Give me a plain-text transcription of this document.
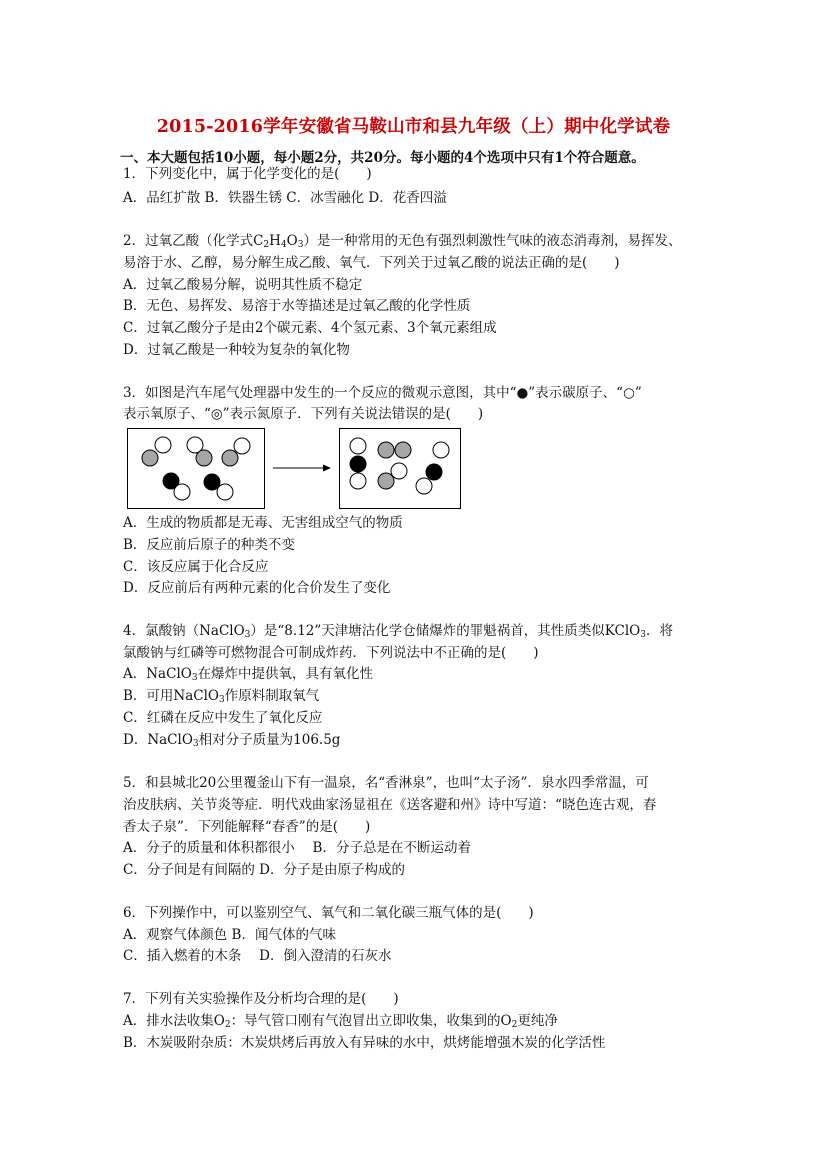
2015-2016学年安徽省马鞍山市和县九年级（上）期中化学试卷
一、本大题包括10小题，每小题2分，共20分。每小题的4个选项中只有1个符合题意。
1．下列变化中，属于化学变化的是(　　)
A．品红扩散 B．铁器生锈 C．冰雪融化 D．花香四溢
2．过氧乙酸（化学式$C_2H_4O_3$）是一种常用的无色有强烈刺激性气味的液态消毒剂，易挥发、
易溶于水、乙醇，易分解生成乙酸、氧气．下列关于过氧乙酸的说法正确的是(　　)
A．过氧乙酸易分解，说明其性质不稳定
B．无色、易挥发、易溶于水等描述是过氧乙酸的化学性质
C．过氧乙酸分子是由2个碳元素、4个氢元素、3个氧元素组成
D．过氧乙酸是一种较为复杂的氧化物
3．如图是汽车尾气处理器中发生的一个反应的微观示意图，其中“●”表示碳原子、“○”
表示氧原子、“◎”表示氮原子．下列有关说法错误的是(　　)
A．生成的物质都是无毒、无害组成空气的物质
B．反应前后原子的种类不变
C．该反应属于化合反应
D．反应前后有两种元素的化合价发生了变化
4．氯酸钠（NaClO$_3$）是“8.12”天津塘沽化学仓储爆炸的罪魁祸首，其性质类似KClO$_3$．将
氯酸钠与红磷等可燃物混合可制成炸药．下列说法中不正确的是(　　)
A．NaClO$_3$在爆炸中提供氧，具有氧化性
B．可用NaClO$_3$作原料制取氧气
C．红磷在反应中发生了氧化反应
D．NaClO$_3$相对分子质量为106.5g
5．和县城北20公里覆釜山下有一温泉，名“香淋泉”，也叫“太子汤”．泉水四季常温，可
治皮肤病、关节炎等症．明代戏曲家汤显祖在《送客避和州》诗中写道：“晓色连古观，春
香太子泉”．下列能解释“春香”的是(　　)
A．分子的质量和体积都很小　 B．分子总是在不断运动着
C．分子间是有间隔的 D．分子是由原子构成的
6．下列操作中，可以鉴别空气、氧气和二氧化碳三瓶气体的是(　　)
A．观察气体颜色 B．闻气体的气味
C．插入燃着的木条　 D．倒入澄清的石灰水
7．下列有关实验操作及分析均合理的是(　　)
A．排水法收集$O_2$：导气管口刚有气泡冒出立即收集，收集到的$O_2$更纯净
B．木炭吸附杂质：木炭烘烤后再放入有异味的水中，烘烤能增强木炭的化学活性
